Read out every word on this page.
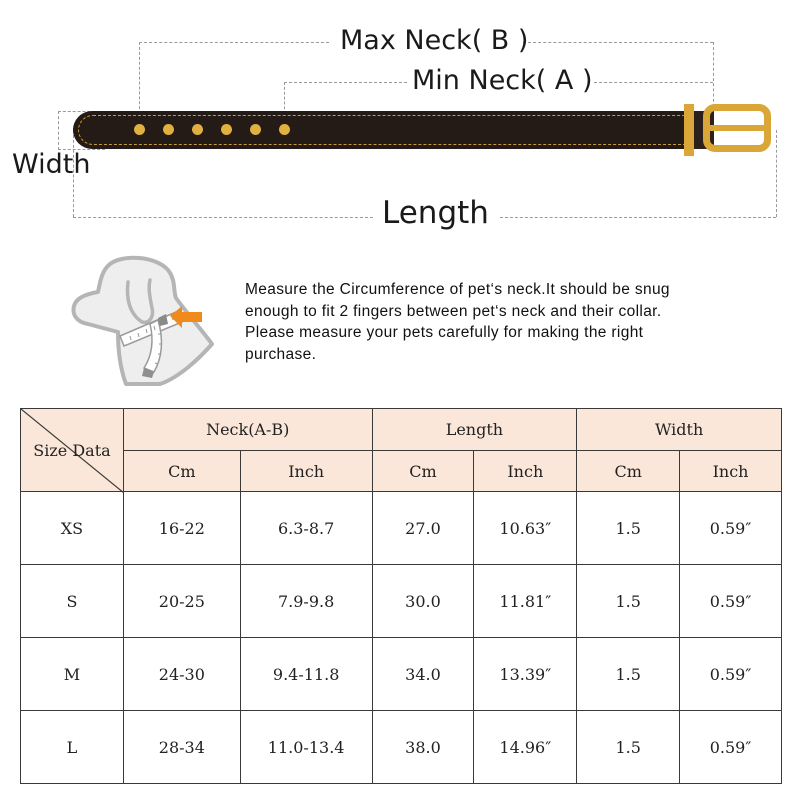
Max Neck( B )
Min Neck( A )
Width
Length
Measure the Circumference of pet‘s neck.It should be snug
enough to fit 2 fingers between pet‘s neck and their collar.
Please measure your pets carefully for making the right
purchase.
Size Data	Neck(A-B)		Length		Width	
	Cm	Inch	Cm	Inch	Cm	Inch
XS	16-22	6.3-8.7	27.0	10.63″	1.5	0.59″
S	20-25	7.9-9.8	30.0	11.81″	1.5	0.59″
M	24-30	9.4-11.8	34.0	13.39″	1.5	0.59″
L	28-34	11.0-13.4	38.0	14.96″	1.5	0.59″
